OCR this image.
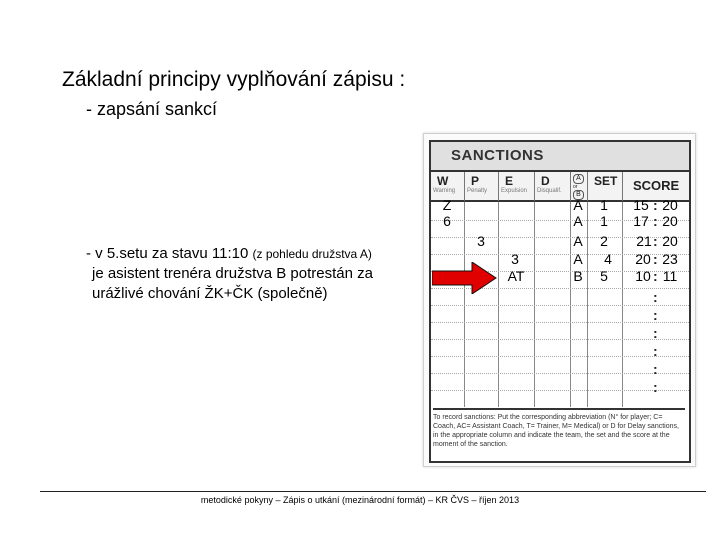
Základní principy vyplňování zápisu :
- zapsání sankcí
- v 5.setu za stavu 11:10 (z pohledu družstva A)
je asistent trenéra družstva B potrestán za
urážlivé chování ŽK+ČK (společně)
SANCTIONS
W
Warning
P
Penalty
E
Expulsion
D
Disqualif.
A
or
B
SET SCORE
To record sanctions: Put the corresponding abbreviation (N° for player; C= Coach, AC= Assistant Coach, T= Trainer, M= Medical) or D for Delay sanctions, in the appropriate column and indicate the team, the set and the score at the moment of the sanction.
Z
6
3
3
AT
A
A
A
A
B
1
1
2
4
5
15 20
17 20
21 20
20 23
10 11
:
:
:
:
:
:
:
:
:
:
:
metodické pokyny – Zápis o utkání (mezinárodní formát) – KR ČVS – říjen 2013
